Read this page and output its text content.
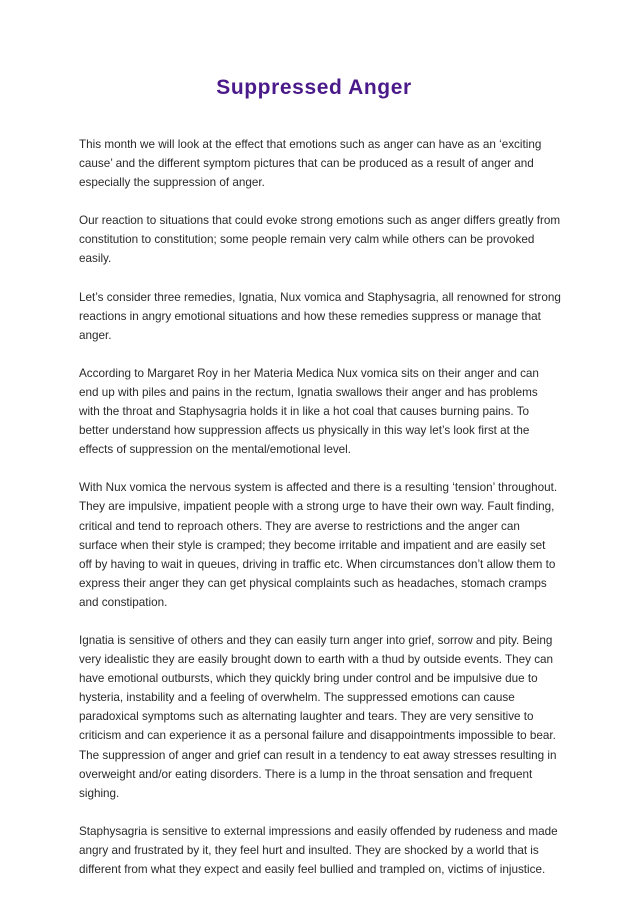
Suppressed Anger

This month we will look at the effect that emotions such as anger can have as an ‘exciting cause’ and the different symptom pictures that can be produced as a result of anger and especially the suppression of anger.

Our reaction to situations that could evoke strong emotions such as anger differs greatly from constitution to constitution; some people remain very calm while others can be provoked easily.

Let’s consider three remedies, Ignatia, Nux vomica and Staphysagria, all renowned for strong reactions in angry emotional situations and how these remedies suppress or manage that anger.

According to Margaret Roy in her Materia Medica Nux vomica sits on their anger and can end up with piles and pains in the rectum, Ignatia swallows their anger and has problems with the throat and Staphysagria holds it in like a hot coal that causes burning pains. To better understand how suppression affects us physically in this way let’s look first at the effects of suppression on the mental/emotional level.

With Nux vomica the nervous system is affected and there is a resulting ‘tension’ throughout. They are impulsive, impatient people with a strong urge to have their own way. Fault finding, critical and tend to reproach others. They are averse to restrictions and the anger can surface when their style is cramped; they become irritable and impatient and are easily set off by having to wait in queues, driving in traffic etc. When circumstances don’t allow them to express their anger they can get physical complaints such as headaches, stomach cramps and constipation.

Ignatia is sensitive of others and they can easily turn anger into grief, sorrow and pity. Being very idealistic they are easily brought down to earth with a thud by outside events. They can have emotional outbursts, which they quickly bring under control and be impulsive due to hysteria, instability and a feeling of overwhelm. The suppressed emotions can cause paradoxical symptoms such as alternating laughter and tears. They are very sensitive to criticism and can experience it as a personal failure and disappointments impossible to bear. The suppression of anger and grief can result in a tendency to eat away stresses resulting in overweight and/or eating disorders. There is a lump in the throat sensation and frequent sighing.

Staphysagria is sensitive to external impressions and easily offended by rudeness and made angry and frustrated by it, they feel hurt and insulted. They are shocked by a world that is different from what they expect and easily feel bullied and trampled on, victims of injustice.
